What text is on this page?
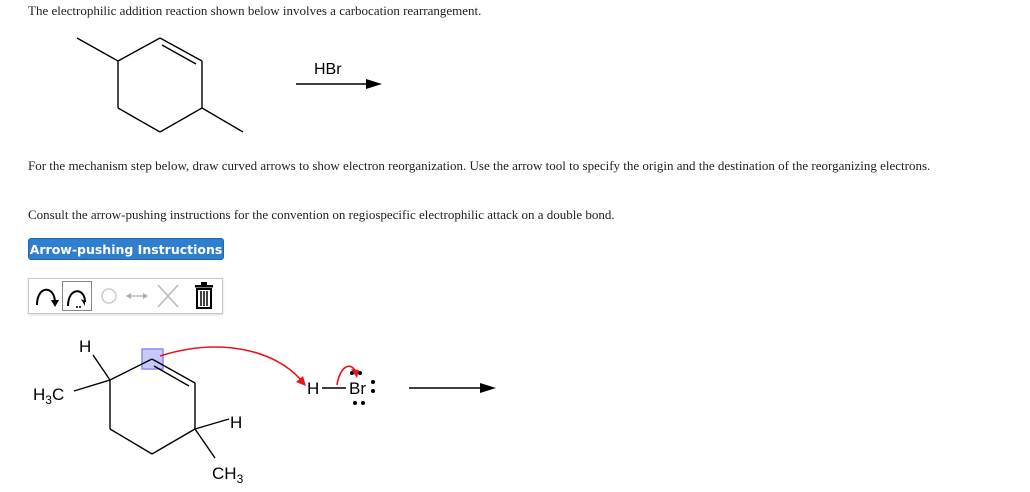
The electrophilic addition reaction shown below involves a carbocation rearrangement.

HBr

For the mechanism step below, draw curved arrows to show electron reorganization. Use the arrow tool to specify the origin and the destination of the reorganizing electrons.

Consult the arrow-pushing instructions for the convention on regiospecific electrophilic attack on a double bond.

Arrow-pushing Instructions
H
$H_3C$
H
$CH_3$
H Br
